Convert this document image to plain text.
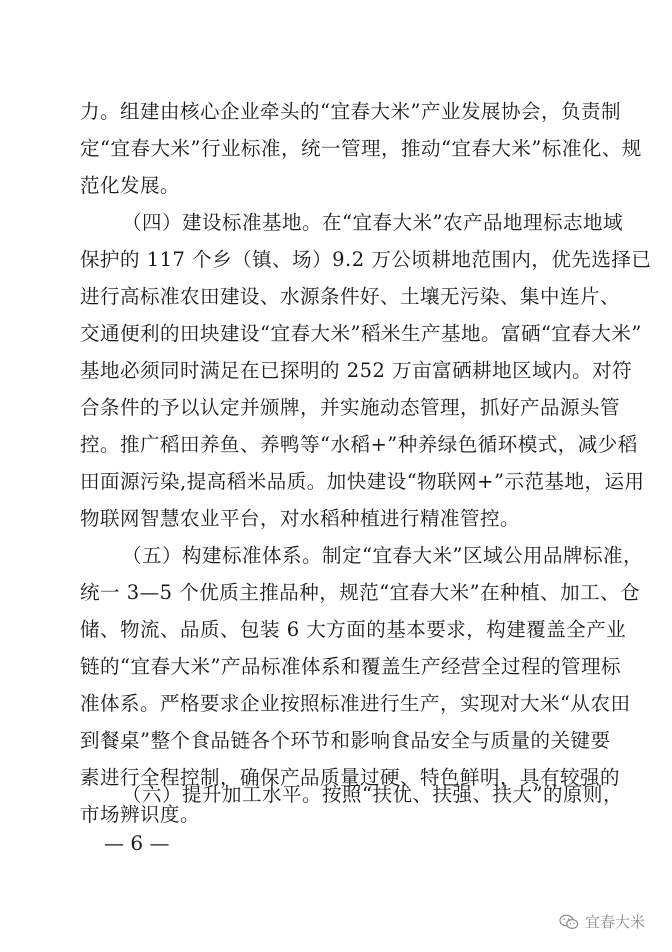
力。组建由核心企业牵头的“宜春大米”产业发展协会，负责制
定“宜春大米”行业标准，统一管理，推动“宜春大米”标准化、规
范化发展。
（四）建设标准基地。在“宜春大米”农产品地理标志地域
保护的 117 个乡（镇、场）9.2 万公顷耕地范围内，优先选择已
进行高标准农田建设、水源条件好、土壤无污染、集中连片、
交通便利的田块建设“宜春大米”稻米生产基地。富硒“宜春大米”
基地必须同时满足在已探明的 252 万亩富硒耕地区域内。对符
合条件的予以认定并颁牌，并实施动态管理，抓好产品源头管
控。推广稻田养鱼、养鸭等“水稻+”种养绿色循环模式，减少稻
田面源污染,提高稻米品质。加快建设“物联网+”示范基地，运用
物联网智慧农业平台，对水稻种植进行精准管控。
（五）构建标准体系。制定“宜春大米”区域公用品牌标准，
统一 3—5 个优质主推品种，规范“宜春大米”在种植、加工、仓
储、物流、品质、包装 6 大方面的基本要求，构建覆盖全产业
链的“宜春大米”产品标准体系和覆盖生产经营全过程的管理标
准体系。严格要求企业按照标准进行生产，实现对大米“从农田
到餐桌”整个食品链各个环节和影响食品安全与质量的关键要
素进行全程控制，确保产品质量过硬、特色鲜明，具有较强的
市场辨识度。
（六）提升加工水平。按照“扶优、扶强、扶大”的原则，
— 6 —
宜春大米
